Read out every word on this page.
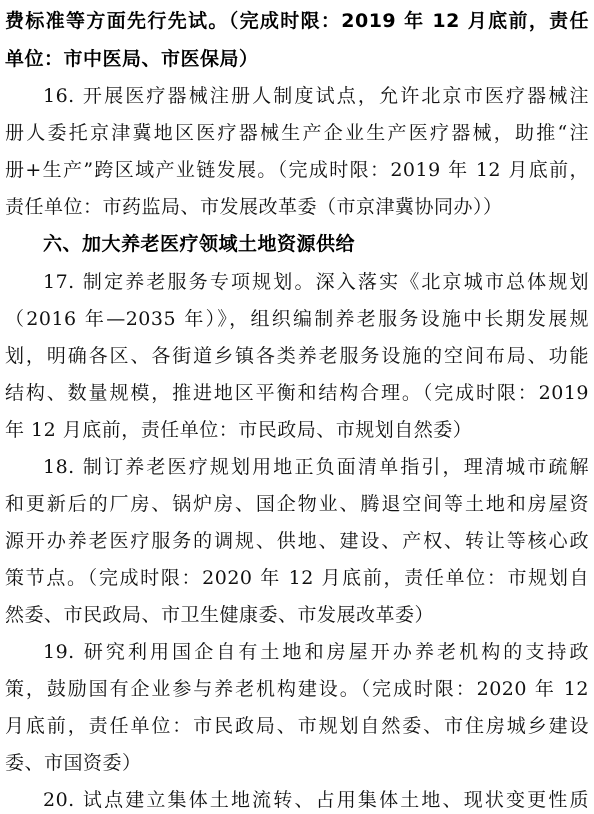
费标准等方面先行先试。（完成时限：2019 年 12 月底前，责任
单位：市中医局、市医保局）
16. 开展医疗器械注册人制度试点，允许北京市医疗器械注
册人委托京津冀地区医疗器械生产企业生产医疗器械，助推“注
册+生产”跨区域产业链发展。（完成时限：2019 年 12 月底前，
责任单位：市药监局、市发展改革委（市京津冀协同办））
六、加大养老医疗领域土地资源供给
17. 制定养老服务专项规划。深入落实《北京城市总体规划
（2016 年—2035 年）》，组织编制养老服务设施中长期发展规
划，明确各区、各街道乡镇各类养老服务设施的空间布局、功能
结构、数量规模，推进地区平衡和结构合理。（完成时限：2019
年 12 月底前，责任单位：市民政局、市规划自然委）
18. 制订养老医疗规划用地正负面清单指引，理清城市疏解
和更新后的厂房、锅炉房、国企物业、腾退空间等土地和房屋资
源开办养老医疗服务的调规、供地、建设、产权、转让等核心政
策节点。（完成时限：2020 年 12 月底前，责任单位：市规划自
然委、市民政局、市卫生健康委、市发展改革委）
19. 研究利用国企自有土地和房屋开办养老机构的支持政
策，鼓励国有企业参与养老机构建设。（完成时限：2020 年 12
月底前，责任单位：市民政局、市规划自然委、市住房城乡建设
委、市国资委）
20. 试点建立集体土地流转、占用集体土地、现状变更性质
